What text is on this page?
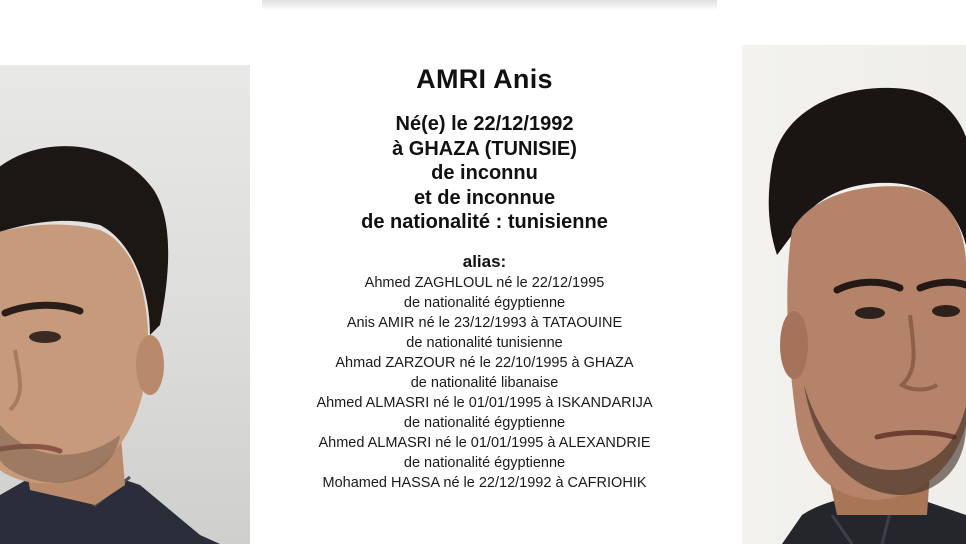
AMRI Anis
Né(e) le 22/12/1992
à GHAZA (TUNISIE)
de inconnu
et de inconnue
de nationalité : tunisienne
alias:
Ahmed ZAGHLOUL né le 22/12/1995
de nationalité égyptienne
Anis AMIR né le 23/12/1993 à TATAOUINE
de nationalité tunisienne
Ahmad ZARZOUR né le 22/10/1995 à GHAZA
de nationalité libanaise
Ahmed ALMASRI né le 01/01/1995 à ISKANDARIJA
de nationalité égyptienne
Ahmed ALMASRI né le 01/01/1995 à ALEXANDRIE
de nationalité égyptienne
Mohamed HASSA né le 22/12/1992 à CAFRIOHIK
